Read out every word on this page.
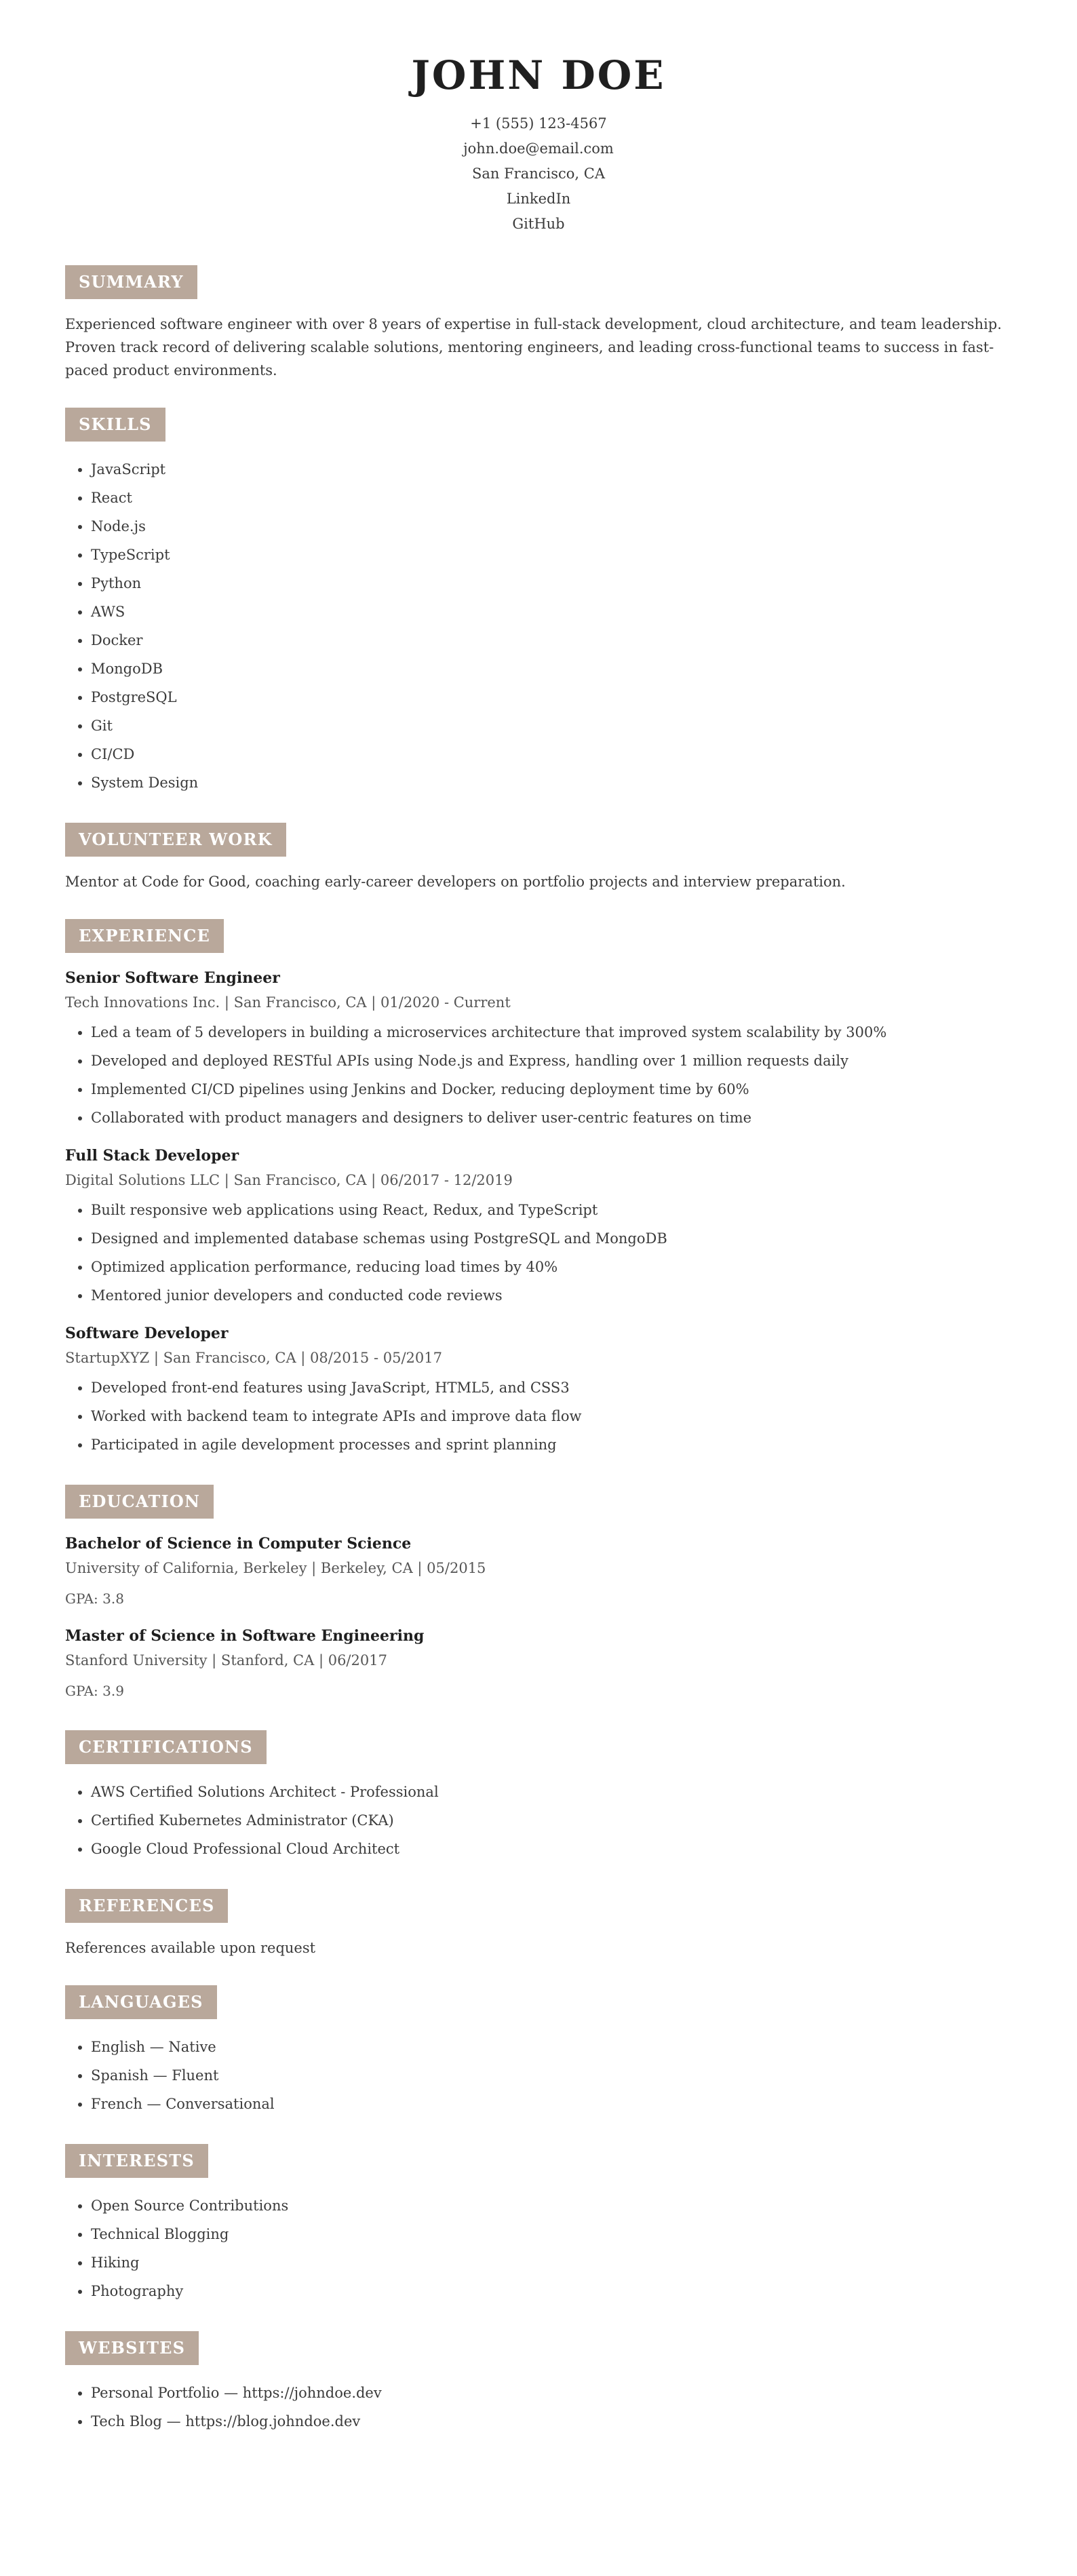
JOHN DOE
+1 (555) 123-4567
john.doe@email.com
San Francisco, CA
LinkedIn
GitHub
SUMMARY

Experienced software engineer with over 8 years of expertise in full-stack development, cloud architecture, and team leadership. Proven track record of delivering scalable solutions, mentoring engineers, and leading cross-functional teams to success in fast-paced product environments.

SKILLS
• JavaScript
• React
• Node.js
• TypeScript
• Python
• AWS
• Docker
• MongoDB
• PostgreSQL
• Git
• CI/CD
• System Design
VOLUNTEER WORK

Mentor at Code for Good, coaching early-career developers on portfolio projects and interview preparation.

EXPERIENCE
Senior Software Engineer
Tech Innovations Inc. | San Francisco, CA | 01/2020 - Current
• Led a team of 5 developers in building a microservices architecture that improved system scalability by 300%
• Developed and deployed RESTful APIs using Node.js and Express, handling over 1 million requests daily
• Implemented CI/CD pipelines using Jenkins and Docker, reducing deployment time by 60%
• Collaborated with product managers and designers to deliver user-centric features on time
Full Stack Developer
Digital Solutions LLC | San Francisco, CA | 06/2017 - 12/2019
• Built responsive web applications using React, Redux, and TypeScript
• Designed and implemented database schemas using PostgreSQL and MongoDB
• Optimized application performance, reducing load times by 40%
• Mentored junior developers and conducted code reviews
Software Developer
StartupXYZ | San Francisco, CA | 08/2015 - 05/2017
• Developed front-end features using JavaScript, HTML5, and CSS3
• Worked with backend team to integrate APIs and improve data flow
• Participated in agile development processes and sprint planning
EDUCATION
Bachelor of Science in Computer Science
University of California, Berkeley | Berkeley, CA | 05/2015
GPA: 3.8
Master of Science in Software Engineering
Stanford University | Stanford, CA | 06/2017
GPA: 3.9
CERTIFICATIONS
• AWS Certified Solutions Architect - Professional
• Certified Kubernetes Administrator (CKA)
• Google Cloud Professional Cloud Architect
REFERENCES

References available upon request

LANGUAGES
• English — Native
• Spanish — Fluent
• French — Conversational
INTERESTS
• Open Source Contributions
• Technical Blogging
• Hiking
• Photography
WEBSITES
• Personal Portfolio — https://johndoe.dev
• Tech Blog — https://blog.johndoe.dev
